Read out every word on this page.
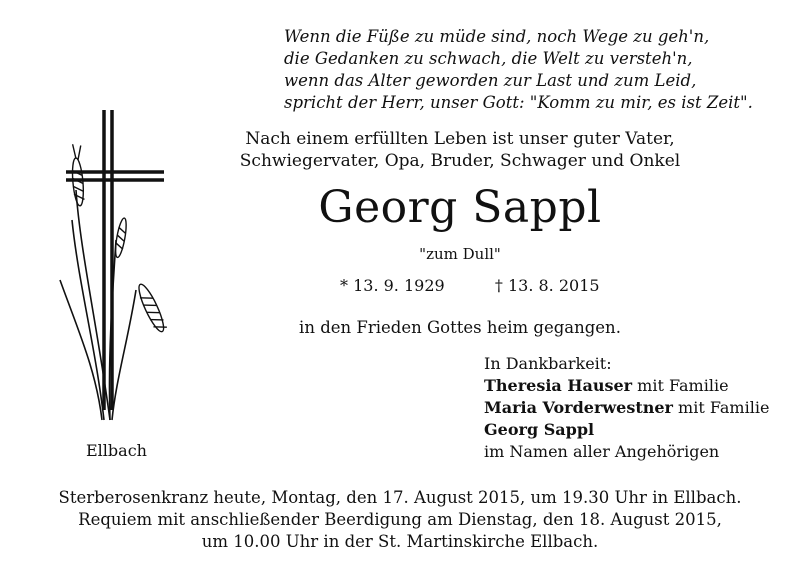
Wenn die Füße zu müde sind, noch Wege zu geh'n,
die Gedanken zu schwach, die Welt zu versteh'n,
wenn das Alter geworden zur Last und zum Leid,
spricht der Herr, unser Gott: "Komm zu mir, es ist Zeit".
Nach einem erfüllten Leben ist unser guter Vater,
Schwiegervater, Opa, Bruder, Schwager und Onkel
Georg Sappl
"zum Dull"
* 13. 9. 1929	† 13. 8. 2015
in den Frieden Gottes heim gegangen.
In Dankbarkeit:
Theresia Hauser mit Familie
Maria Vorderwestner mit Familie
Georg Sappl
im Namen aller Angehörigen
Ellbach
Sterberosenkranz heute, Montag, den 17. August 2015, um 19.30 Uhr in Ellbach.
Requiem mit anschließender Beerdigung am Dienstag, den 18. August 2015,
um 10.00 Uhr in der St. Martinskirche Ellbach.
